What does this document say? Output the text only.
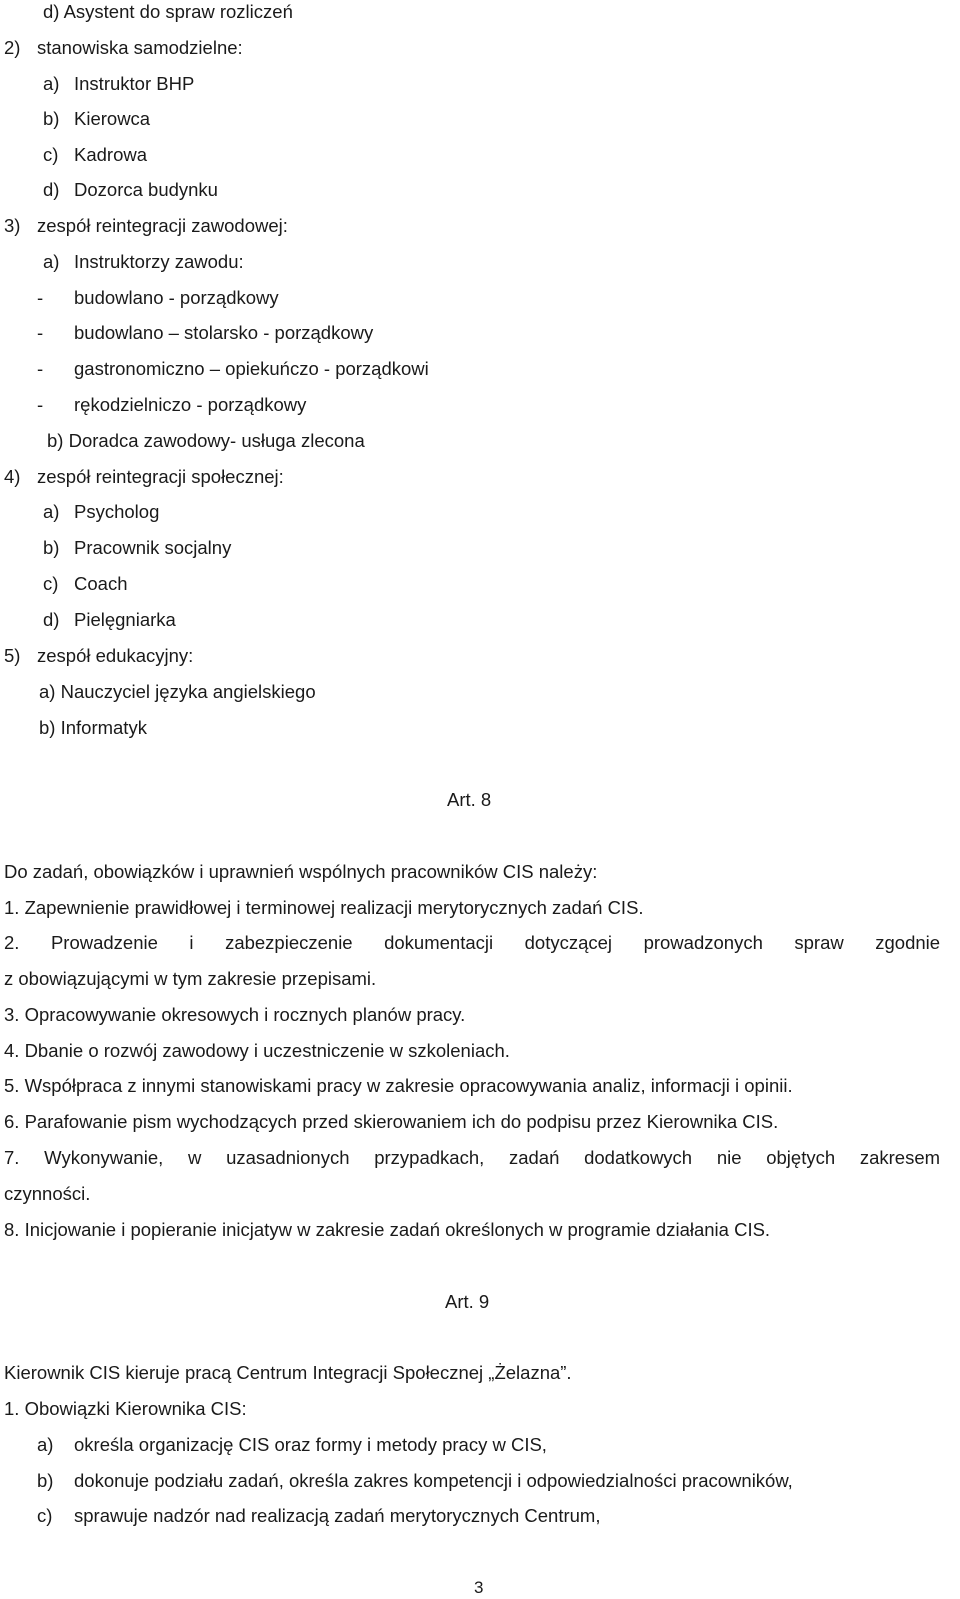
d) Asystent do spraw rozliczeń
2) stanowiska samodzielne:
a) Instruktor BHP
b) Kierowca
c) Kadrowa
d) Dozorca budynku
3) zespół reintegracji zawodowej:
a) Instruktorzy zawodu:
- budowlano - porządkowy
- budowlano – stolarsko - porządkowy
- gastronomiczno – opiekuńczo - porządkowi
- rękodzielniczo - porządkowy
b) Doradca zawodowy- usługa zlecona
4) zespół reintegracji społecznej:
a) Psycholog
b) Pracownik socjalny
c) Coach
d) Pielęgniarka
5) zespół edukacyjny:
a) Nauczyciel języka angielskiego
b) Informatyk
Art. 8
Do zadań, obowiązków i uprawnień wspólnych pracowników CIS należy:
1. Zapewnienie prawidłowej i terminowej realizacji merytorycznych zadań CIS.
2. Prowadzenie i zabezpieczenie dokumentacji dotyczącej prowadzonych spraw zgodnie
z obowiązującymi w tym zakresie przepisami.
3. Opracowywanie okresowych i rocznych planów pracy.
4. Dbanie o rozwój zawodowy i uczestniczenie w szkoleniach.
5. Współpraca z innymi stanowiskami pracy w zakresie opracowywania analiz, informacji i opinii.
6. Parafowanie pism wychodzących przed skierowaniem ich do podpisu przez Kierownika CIS.
7. Wykonywanie, w uzasadnionych przypadkach, zadań dodatkowych nie objętych zakresem
czynności.
8. Inicjowanie i popieranie inicjatyw w zakresie zadań określonych w programie działania CIS.
Art. 9
Kierownik CIS kieruje pracą Centrum Integracji Społecznej „Żelazna”.
1. Obowiązki Kierownika CIS:
a) określa organizację CIS oraz formy i metody pracy w CIS,
b) dokonuje podziału zadań, określa zakres kompetencji i odpowiedzialności pracowników,
c) sprawuje nadzór nad realizacją zadań merytorycznych Centrum,
3
